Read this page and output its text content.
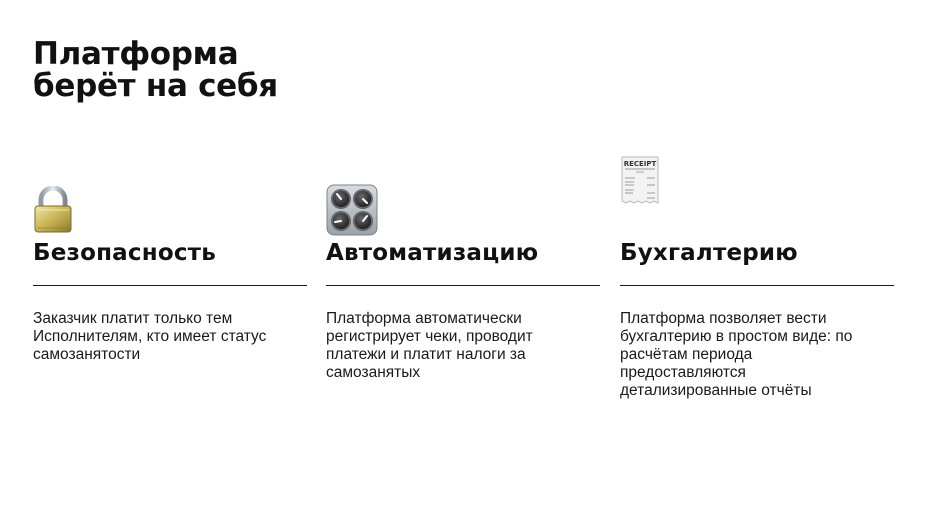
Платформа
берёт на себя
Безопасность

Заказчик платит только тем Исполнителям, кто имеет статус самозанятости

Автоматизацию

Платформа автоматически регистрирует чеки, проводит платежи и платит налоги за самозанятых

RECEIPT
Бухгалтерию

Платформа позволяет вести бухгалтерию в простом виде: по расчётам периода предоставляются детализированные отчёты
